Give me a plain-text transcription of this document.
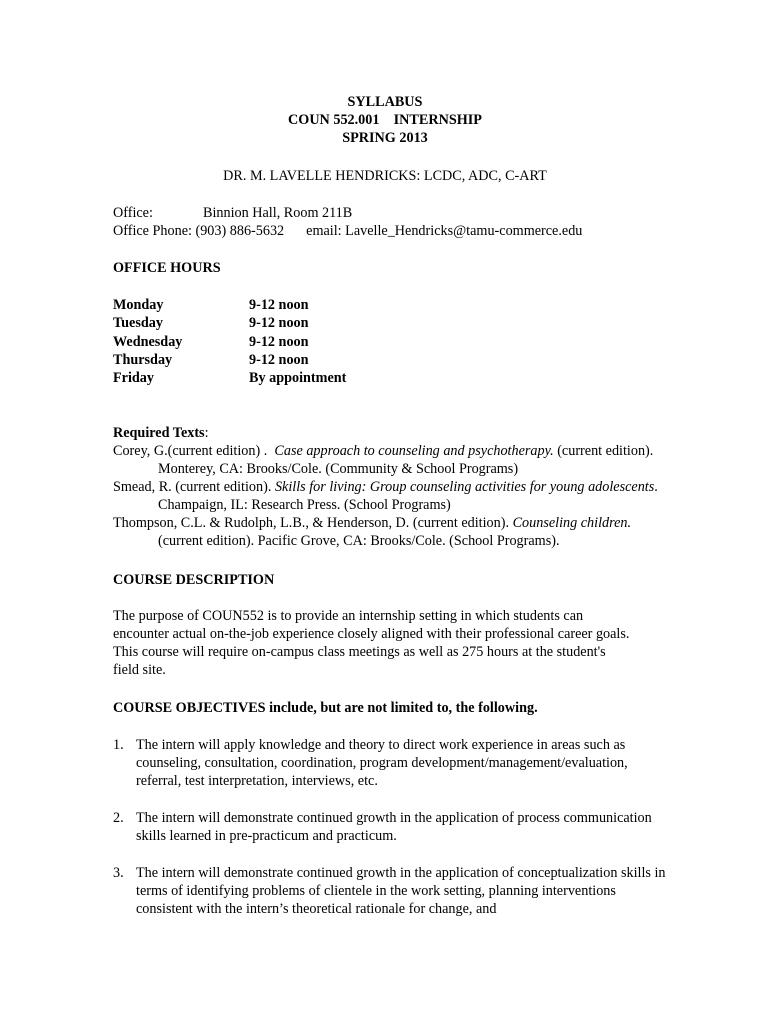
SYLLABUS
COUN 552.001    INTERNSHIP
SPRING 2013
DR. M. LAVELLE HENDRICKS: LCDC, ADC, C-ART
Office:	Binnion Hall, Room 211B
Office Phone: (903) 886-5632 email: Lavelle_Hendricks@tamu-commerce.edu
OFFICE HOURS
Monday	9-12 noon
Tuesday	9-12 noon
Wednesday	9-12 noon
Thursday	9-12 noon
Friday	By appointment
Required Texts:
Corey, G.(current edition) .  Case approach to counseling and psychotherapy. (current edition). Monterey, CA: Brooks/Cole. (Community & School Programs)
Smead, R. (current edition). Skills for living: Group counseling activities for young adolescents. Champaign, IL: Research Press. (School Programs)
Thompson, C.L. & Rudolph, L.B., & Henderson, D. (current edition). Counseling children.(current edition). Pacific Grove, CA: Brooks/Cole. (School Programs).
COURSE DESCRIPTION
The purpose of COUN552 is to provide an internship setting in which students can encounter actual on-the-job experience closely aligned with their professional career goals. This course will require on-campus class meetings as well as 275 hours at the student's field site.
COURSE OBJECTIVES include, but are not limited to, the following.
1. The intern will apply knowledge and theory to direct work experience in areas such as counseling, consultation, coordination, program development/management/evaluation, referral, test interpretation, interviews, etc.
2. The intern will demonstrate continued growth in the application of process communication skills learned in pre-practicum and practicum.
3. The intern will demonstrate continued growth in the application of conceptualization skills in terms of identifying problems of clientele in the work setting, planning interventions consistent with the intern’s theoretical rationale for change, and
